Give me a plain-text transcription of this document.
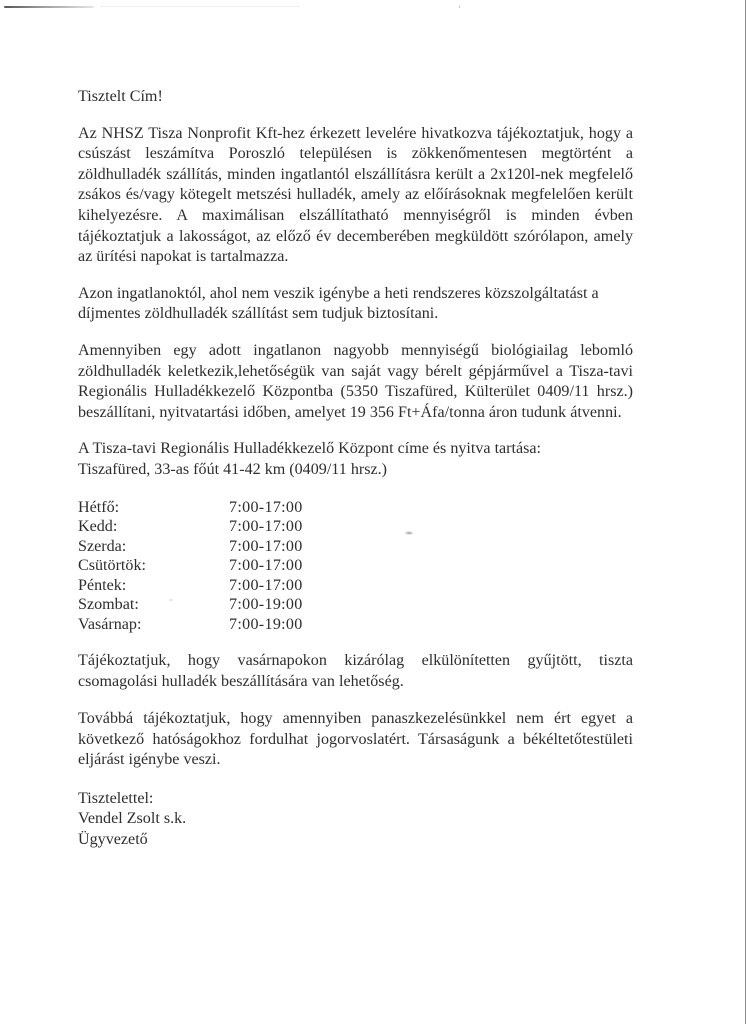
Tisztelt Cím!

Az NHSZ Tisza Nonprofit Kft-hez érkezett levelére hivatkozva tájékoztatjuk, hogy a csúszást leszámítva Poroszló településen is zökkenőmentesen megtörtént a zöldhulladék szállítás, minden ingatlantól elszállításra került a 2x120l-nek megfelelő zsákos és/vagy kötegelt metszési hulladék, amely az előírásoknak megfelelően került kihelyezésre. A maximálisan elszállítatható mennyiségről is minden évben tájékoztatjuk a lakosságot, az előző év decemberében megküldött szórólapon, amely az ürítési napokat is tartalmazza.

Azon ingatlanoktól, ahol nem veszik igénybe a heti rendszeres közszolgáltatást a díjmentes zöldhulladék szállítást sem tudjuk biztosítani.

Amennyiben egy adott ingatlanon nagyobb mennyiségű biológiailag lebomló zöldhulladék keletkezik,lehetőségük van saját vagy bérelt gépjárművel a Tisza-tavi Regionális Hulladékkezelő Központba (5350 Tiszafüred, Külterület 0409/11 hrsz.) beszállítani, nyitvatartási időben, amelyet 19 356 Ft+Áfa/tonna áron tudunk átvenni.

A Tisza-tavi Regionális Hulladékkezelő Központ címe és nyitva tartása:

Tiszafüred, 33-as főút 41-42 km (0409/11 hrsz.)

Hétfő:	7:00-17:00
Kedd:	7:00-17:00
Szerda:	7:00-17:00
Csütörtök:	7:00-17:00
Péntek:	7:00-17:00
Szombat:	7:00-19:00
Vasárnap:	7:00-19:00

Tájékoztatjuk, hogy vasárnapokon kizárólag elkülönítetten gyűjtött, tiszta csomagolási hulladék beszállítására van lehetőség.

Továbbá tájékoztatjuk, hogy amennyiben panaszkezelésünkkel nem ért egyet a következő hatóságokhoz fordulhat jogorvoslatért. Társaságunk a békéltetőtestületi eljárást igénybe veszi.

Tisztelettel:

Vendel Zsolt s.k.

Ügyvezető
